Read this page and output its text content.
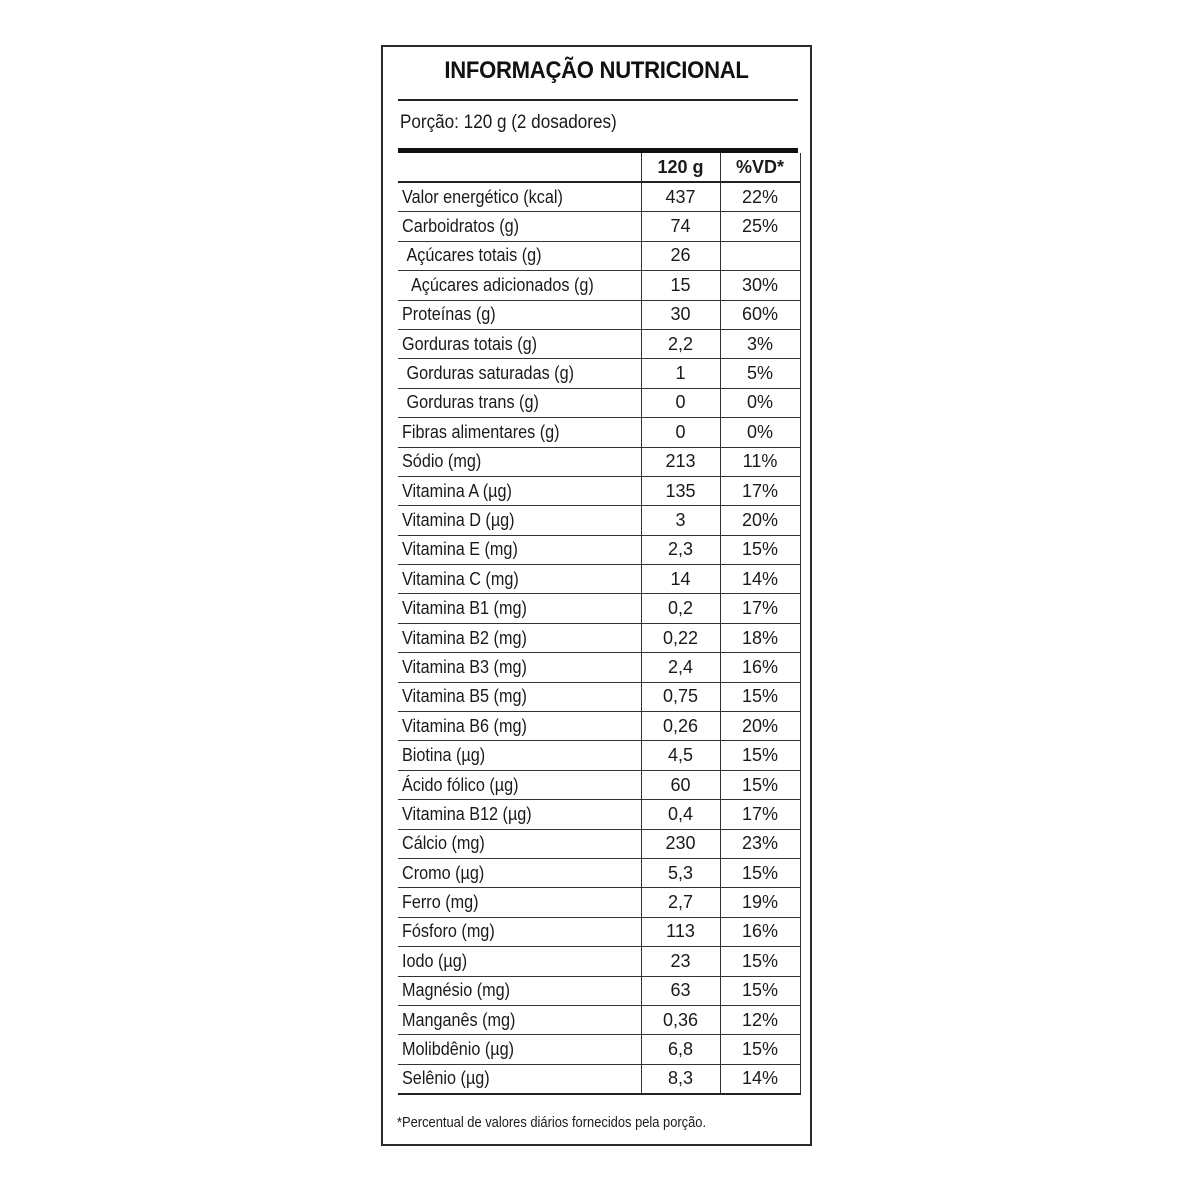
INFORMAÇÃO NUTRICIONAL
Porção: 120 g (2 dosadores)
	120 g	%VD*
Valor energético (kcal)	437	22%
Carboidratos (g)	74	25%
Açúcares totais (g)	26	
Açúcares adicionados (g)	15	30%
Proteínas (g)	30	60%
Gorduras totais (g)	2,2	3%
Gorduras saturadas (g)	1	5%
Gorduras trans (g)	0	0%
Fibras alimentares (g)	0	0%
Sódio (mg)	213	11%
Vitamina A (µg)	135	17%
Vitamina D (µg)	3	20%
Vitamina E (mg)	2,3	15%
Vitamina C (mg)	14	14%
Vitamina B1 (mg)	0,2	17%
Vitamina B2 (mg)	0,22	18%
Vitamina B3 (mg)	2,4	16%
Vitamina B5 (mg)	0,75	15%
Vitamina B6 (mg)	0,26	20%
Biotina (µg)	4,5	15%
Ácido fólico (µg)	60	15%
Vitamina B12 (µg)	0,4	17%
Cálcio (mg)	230	23%
Cromo (µg)	5,3	15%
Ferro (mg)	2,7	19%
Fósforo (mg)	113	16%
Iodo (µg)	23	15%
Magnésio (mg)	63	15%
Manganês (mg)	0,36	12%
Molibdênio (µg)	6,8	15%
Selênio (µg)	8,3	14%
*Percentual de valores diários fornecidos pela porção.
